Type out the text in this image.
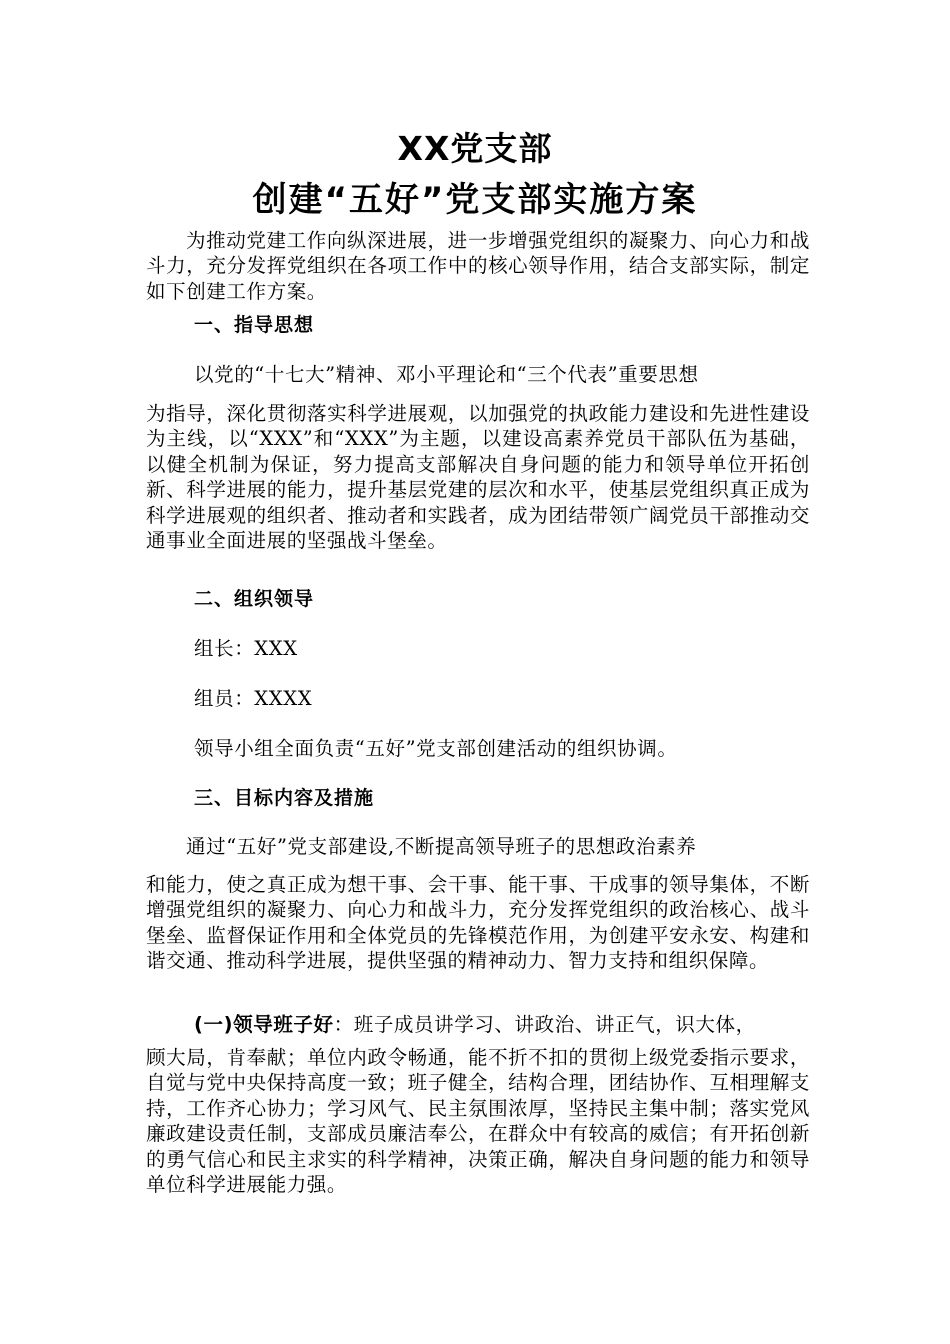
XX党支部
创建“五好”党支部实施方案

为推动党建工作向纵深进展，进一步增强党组织的凝聚力、向心力和战斗力，充分发挥党组织在各项工作中的核心领导作用，结合支部实际，制定如下创建工作方案。

一、指导思想

以党的“十七大”精神、邓小平理论和“三个代表”重要思想

为指导，深化贯彻落实科学进展观，以加强党的执政能力建设和先进性建设为主线，以“XXX”和“XXX”为主题，以建设高素养党员干部队伍为基础，以健全机制为保证，努力提高支部解决自身问题的能力和领导单位开拓创新、科学进展的能力，提升基层党建的层次和水平，使基层党组织真正成为科学进展观的组织者、推动者和实践者，成为团结带领广阔党员干部推动交通事业全面进展的坚强战斗堡垒。

二、组织领导

组长：XXX

组员：XXXX

领导小组全面负责“五好”党支部创建活动的组织协调。

三、目标内容及措施

通过“五好”党支部建设,不断提高领导班子的思想政治素养

和能力，使之真正成为想干事、会干事、能干事、干成事的领导集体，不断增强党组织的凝聚力、向心力和战斗力，充分发挥党组织的政治核心、战斗堡垒、监督保证作用和全体党员的先锋模范作用，为创建平安永安、构建和谐交通、推动科学进展，提供坚强的精神动力、智力支持和组织保障。

(一)领导班子好：班子成员讲学习、讲政治、讲正气，识大体，

顾大局，肯奉献；单位内政令畅通，能不折不扣的贯彻上级党委指示要求，自觉与党中央保持高度一致；班子健全，结构合理，团结协作、互相理解支持，工作齐心协力；学习风气、民主氛围浓厚，坚持民主集中制；落实党风廉政建设责任制，支部成员廉洁奉公，在群众中有较高的威信；有开拓创新的勇气信心和民主求实的科学精神，决策正确，解决自身问题的能力和领导单位科学进展能力强。
